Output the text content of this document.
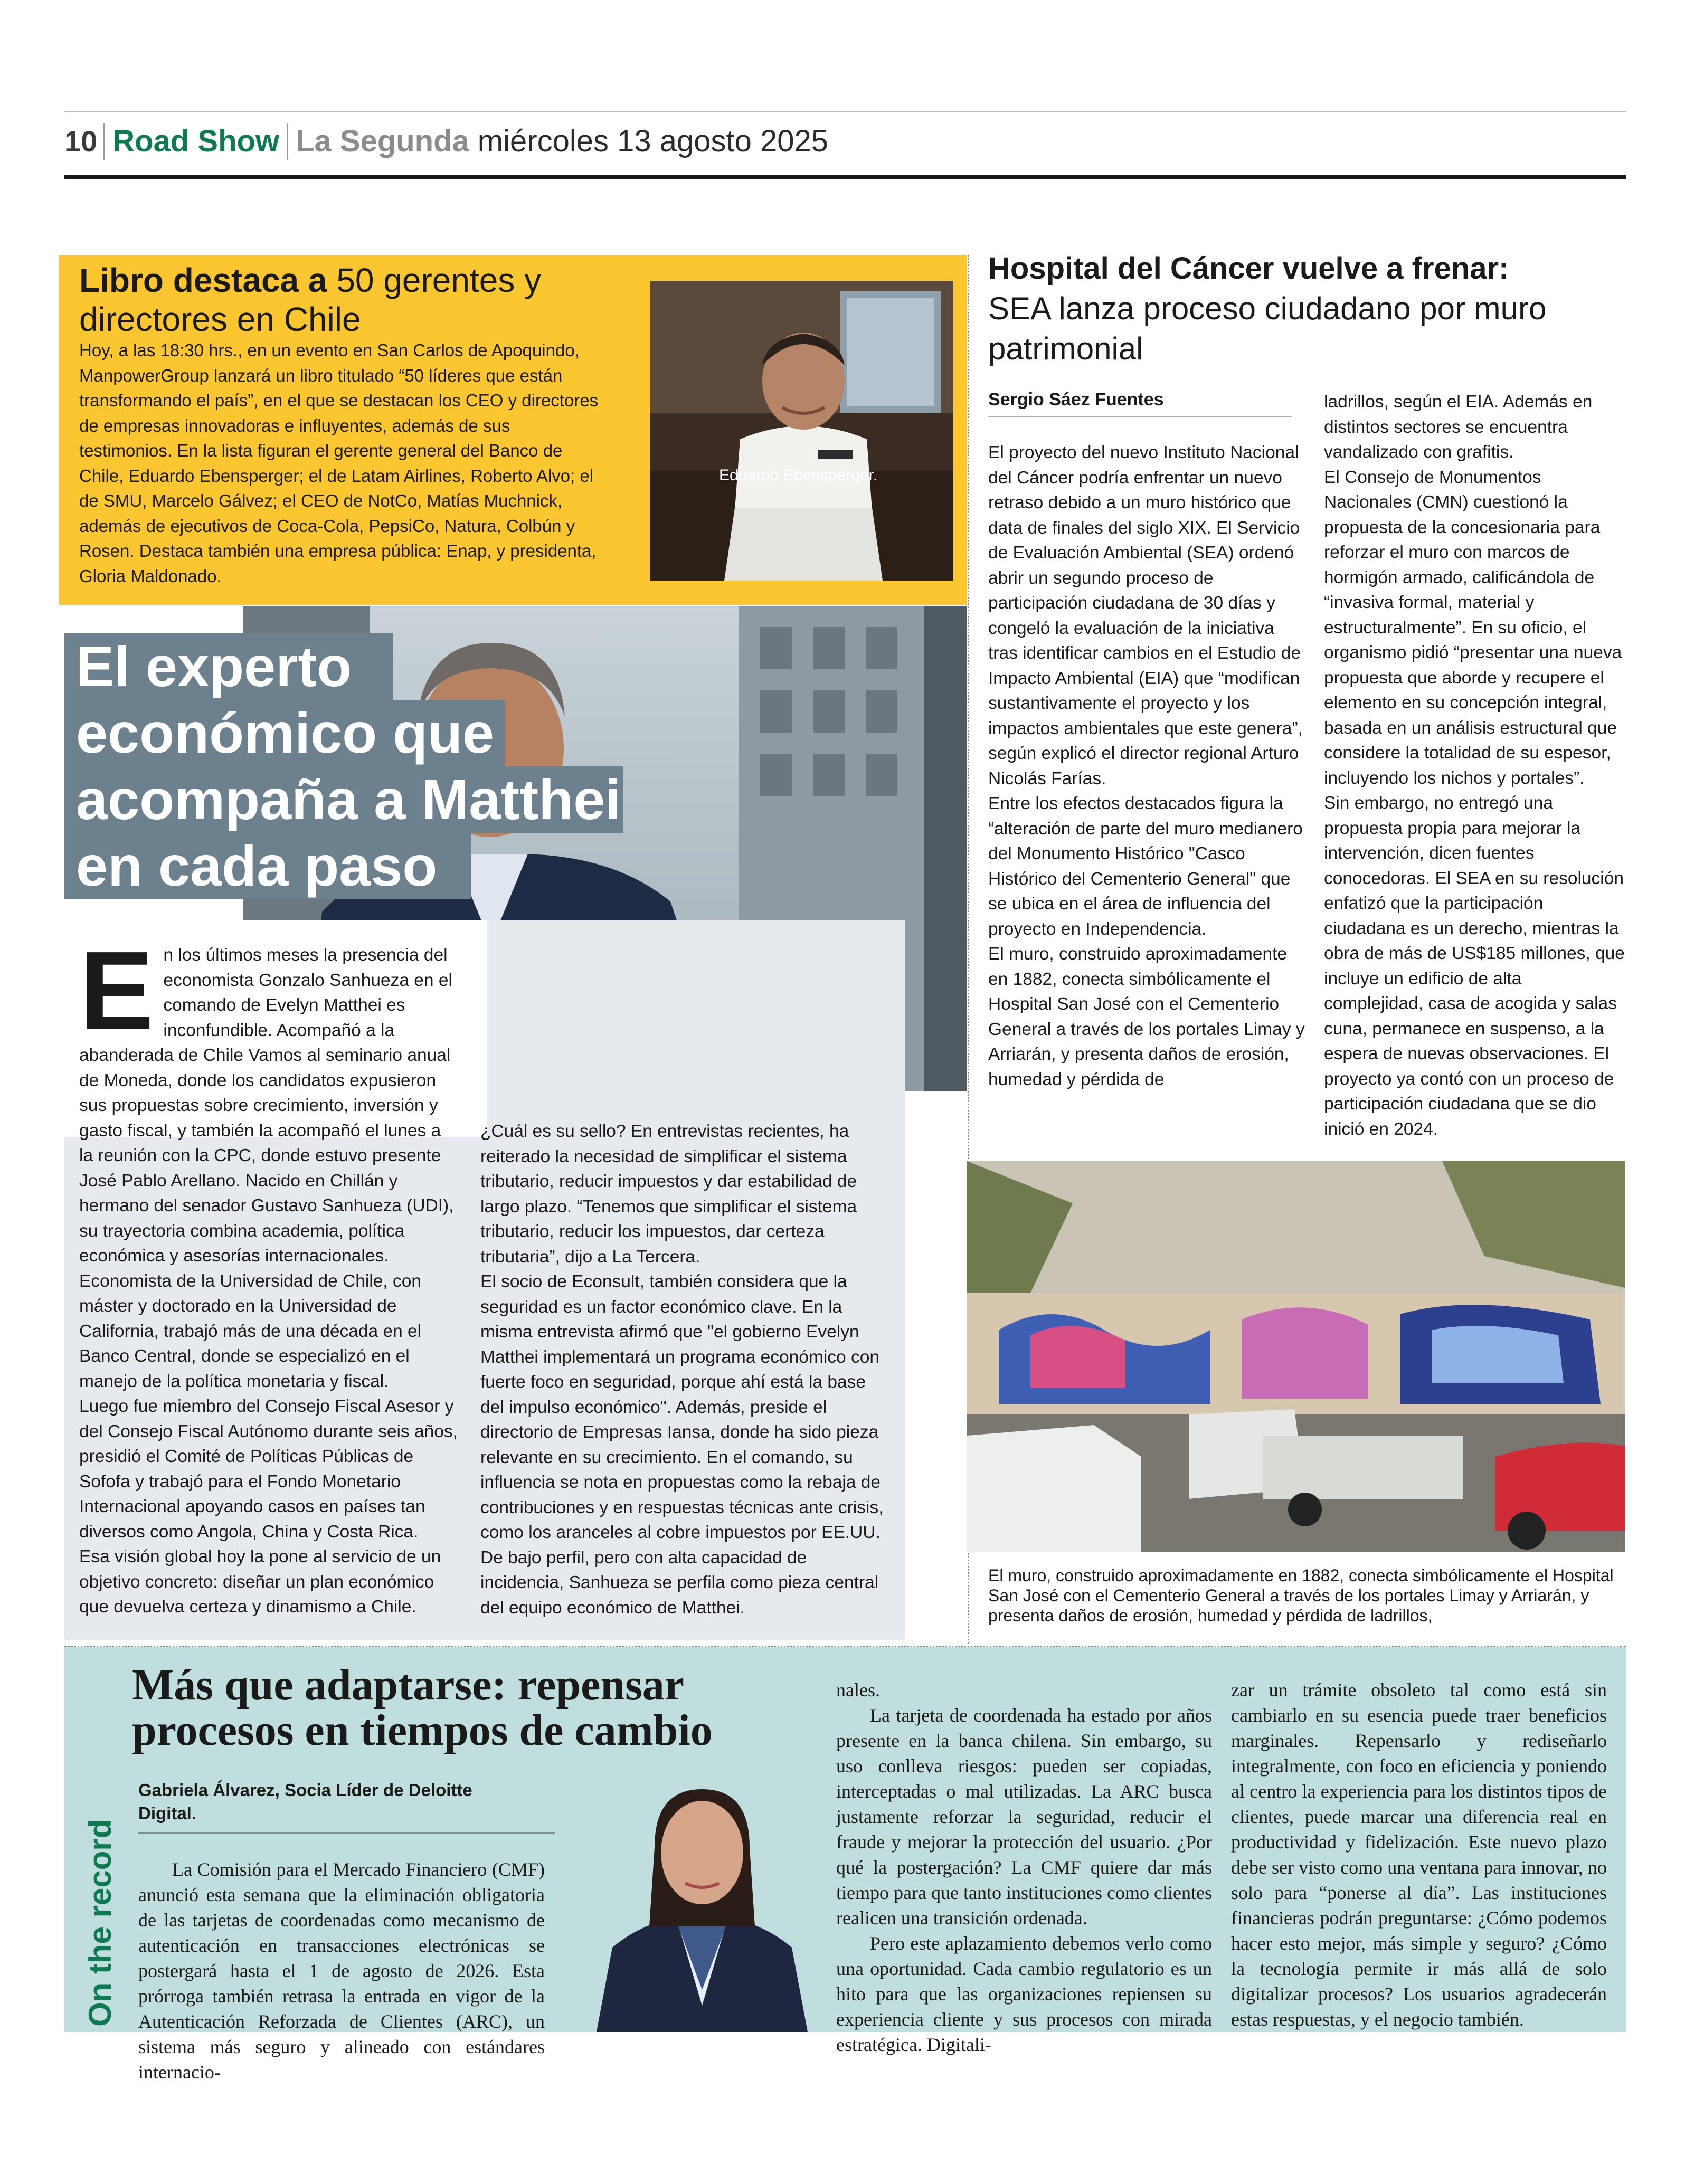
10 Road Show La Segunda miércoles 13 agosto 2025
Libro destaca a 50 gerentes y directores en Chile
Hoy, a las 18:30 hrs., en un evento en San Carlos de Apoquindo, ManpowerGroup lanzará un libro titulado “50 líderes que están transformando el país”, en el que se destacan los CEO y directores de empresas innovadoras e influyentes, además de sus testimonios. En la lista figuran el gerente general del Banco de Chile, Eduardo Ebensperger; el de Latam Airlines, Roberto Alvo; el de SMU, Marcelo Gálvez; el CEO de NotCo, Matías Muchnick, además de ejecutivos de Coca-Cola, PepsiCo, Natura, Colbún y Rosen. Destaca también una empresa pública: Enap, y presidenta, Gloria Maldonado.
Eduardo Ebensperger.
El experto
económico que
acompaña a Matthei
en cada paso
E n los últimos meses la presencia del economista Gonzalo Sanhueza en el comando de Evelyn Matthei es inconfundible. Acompañó a la abanderada de Chile Vamos al seminario anual de Moneda, donde los candidatos expusieron sus propuestas sobre crecimiento, inversión y gasto fiscal, y también la acompañó el lunes a la reunión con la CPC, donde estuvo presente José Pablo Arellano. Nacido en Chillán y hermano del senador Gustavo Sanhueza (UDI), su trayectoria combina academia, política económica y asesorías internacionales. Economista de la Universidad de Chile, con máster y doctorado en la Universidad de California, trabajó más de una década en el Banco Central, donde se especializó en el manejo de la política monetaria y fiscal.

Luego fue miembro del Consejo Fiscal Asesor y del Consejo Fiscal Autónomo durante seis años, presidió el Comité de Políticas Públicas de Sofofa y trabajó para el Fondo Monetario Internacional apoyando casos en países tan diversos como Angola, China y Costa Rica.

Esa visión global hoy la pone al servicio de un objetivo concreto: diseñar un plan económico que devuelva certeza y dinamismo a Chile.

¿Cuál es su sello? En entrevistas recientes, ha reiterado la necesidad de simplificar el sistema tributario, reducir impuestos y dar estabilidad de largo plazo. “Tenemos que simplificar el sistema tributario, reducir los impuestos, dar certeza tributaria”, dijo a La Tercera.

El socio de Econsult, también considera que la seguridad es un factor económico clave. En la misma entrevista afirmó que "el gobierno Evelyn Matthei implementará un programa económico con fuerte foco en seguridad, porque ahí está la base del impulso económico". Además, preside el directorio de Empresas Iansa, donde ha sido pieza relevante en su crecimiento. En el comando, su influencia se nota en propuestas como la rebaja de contribuciones y en respuestas técnicas ante crisis, como los aranceles al cobre impuestos por EE.UU. De bajo perfil, pero con alta capacidad de incidencia, Sanhueza se perfila como pieza central del equipo económico de Matthei.

Hospital del Cáncer vuelve a frenar:
SEA lanza proceso ciudadano por muro patrimonial
Sergio Sáez Fuentes

El proyecto del nuevo Instituto Nacional del Cáncer podría enfrentar un nuevo retraso debido a un muro histórico que data de finales del siglo XIX. El Servicio de Evaluación Ambiental (SEA) ordenó abrir un segundo proceso de participación ciudadana de 30 días y congeló la evaluación de la iniciativa tras identificar cambios en el Estudio de Impacto Ambiental (EIA) que “modifican sustantivamente el proyecto y los impactos ambientales que este genera”, según explicó el director regional Arturo Nicolás Farías.

Entre los efectos destacados figura la “alteración de parte del muro medianero del Monumento Histórico "Casco Histórico del Cementerio General" que se ubica en el área de influencia del proyecto en Independencia.

El muro, construido aproximadamente en 1882, conecta simbólicamente el Hospital San José con el Cementerio General a través de los portales Limay y Arriarán, y presenta daños de erosión, humedad y pérdida de

ladrillos, según el EIA. Además en distintos sectores se encuentra vandalizado con grafitis.

El Consejo de Monumentos Nacionales (CMN) cuestionó la propuesta de la concesionaria para reforzar el muro con marcos de hormigón armado, calificándola de “invasiva formal, material y estructuralmente”. En su oficio, el organismo pidió “presentar una nueva propuesta que aborde y recupere el elemento en su concepción integral, basada en un análisis estructural que considere la totalidad de su espesor, incluyendo los nichos y portales”.

Sin embargo, no entregó una propuesta propia para mejorar la intervención, dicen fuentes conocedoras. El SEA en su resolución enfatizó que la participación ciudadana es un derecho, mientras la obra de más de US$185 millones, que incluye un edificio de alta complejidad, casa de acogida y salas cuna, permanece en suspenso, a la espera de nuevas observaciones. El proyecto ya contó con un proceso de participación ciudadana que se dio inició en 2024.

El muro, construido aproximadamente en 1882, conecta simbólicamente el Hospital San José con el Cementerio General a través de los portales Limay y Arriarán, y presenta daños de erosión, humedad y pérdida de ladrillos,
On the record
Más que adaptarse: repensar procesos en tiempos de cambio
Gabriela Álvarez, Socia Líder de Deloitte Digital.

La Comisión para el Mercado Financiero (CMF) anunció esta semana que la eliminación obligatoria de las tarjetas de coordenadas como mecanismo de autenticación en transacciones electrónicas se postergará hasta el 1 de agosto de 2026. Esta prórroga también retrasa la entrada en vigor de la Autenticación Reforzada de Clientes (ARC), un sistema más seguro y alineado con estándares internacio-

nales.

La tarjeta de coordenada ha estado por años presente en la banca chilena. Sin embargo, su uso conlleva riesgos: pueden ser copiadas, interceptadas o mal utilizadas. La ARC busca justamente reforzar la seguridad, reducir el fraude y mejorar la protección del usuario. ¿Por qué la postergación? La CMF quiere dar más tiempo para que tanto instituciones como clientes realicen una transición ordenada.

Pero este aplazamiento debemos verlo como una oportunidad. Cada cambio regulatorio es un hito para que las organizaciones repiensen su experiencia cliente y sus procesos con mirada estratégica. Digitali-

zar un trámite obsoleto tal como está sin cambiarlo en su esencia puede traer beneficios marginales. Repensarlo y rediseñarlo integralmente, con foco en eficiencia y poniendo al centro la experiencia para los distintos tipos de clientes, puede marcar una diferencia real en productividad y fidelización. Este nuevo plazo debe ser visto como una ventana para innovar, no solo para “ponerse al día”. Las instituciones financieras podrán preguntarse: ¿Cómo podemos hacer esto mejor, más simple y seguro? ¿Cómo la tecnología permite ir más allá de solo digitalizar procesos? Los usuarios agradecerán estas respuestas, y el negocio también.
